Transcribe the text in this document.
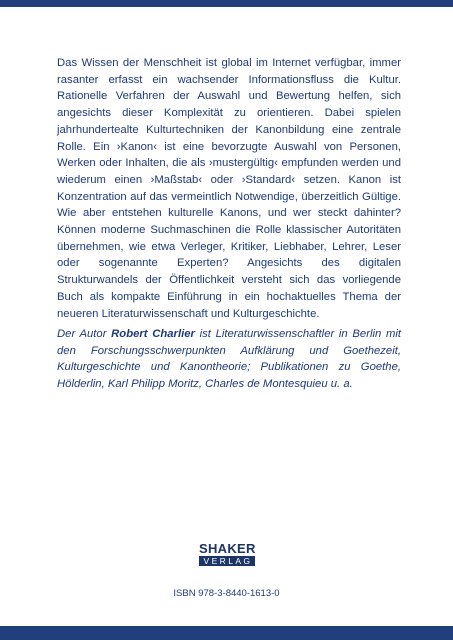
Das Wissen der Menschheit ist global im Internet verfügbar, immer rasanter erfasst ein wachsender Informationsfluss die Kultur. Rationelle Verfahren der Auswahl und Bewertung helfen, sich angesichts dieser Komplexität zu orientieren. Dabei spielen jahrhundertealte Kulturtechniken der Kanonbildung eine zentrale Rolle. Ein ›Kanon‹ ist eine bevorzugte Auswahl von Personen, Werken oder Inhalten, die als ›mustergültig‹ empfunden werden und wiederum einen ›Maßstab‹ oder ›Standard‹ setzen. Kanon ist Konzentration auf das vermeintlich Notwendige, überzeitlich Gültige. Wie aber entstehen kulturelle Kanons, und wer steckt dahinter? Können moderne Suchmaschinen die Rolle klassischer Autoritäten übernehmen, wie etwa Verleger, Kritiker, Liebhaber, Lehrer, Leser oder sogenannte Experten? Angesichts des digitalen Strukturwandels der Öffentlichkeit versteht sich das vorliegende Buch als kompakte Einführung in ein hochaktuelles Thema der neueren Literaturwissenschaft und Kulturgeschichte.

Der Autor Robert Charlier ist Literaturwissenschaftler in Berlin mit den Forschungsschwerpunkten Aufklärung und Goethezeit, Kulturgeschichte und Kanontheorie; Publikationen zu Goethe, Hölderlin, Karl Philipp Moritz, Charles de Montesquieu u. a.

SHAKER
VERLAG
ISBN 978-3-8440-1613-0
